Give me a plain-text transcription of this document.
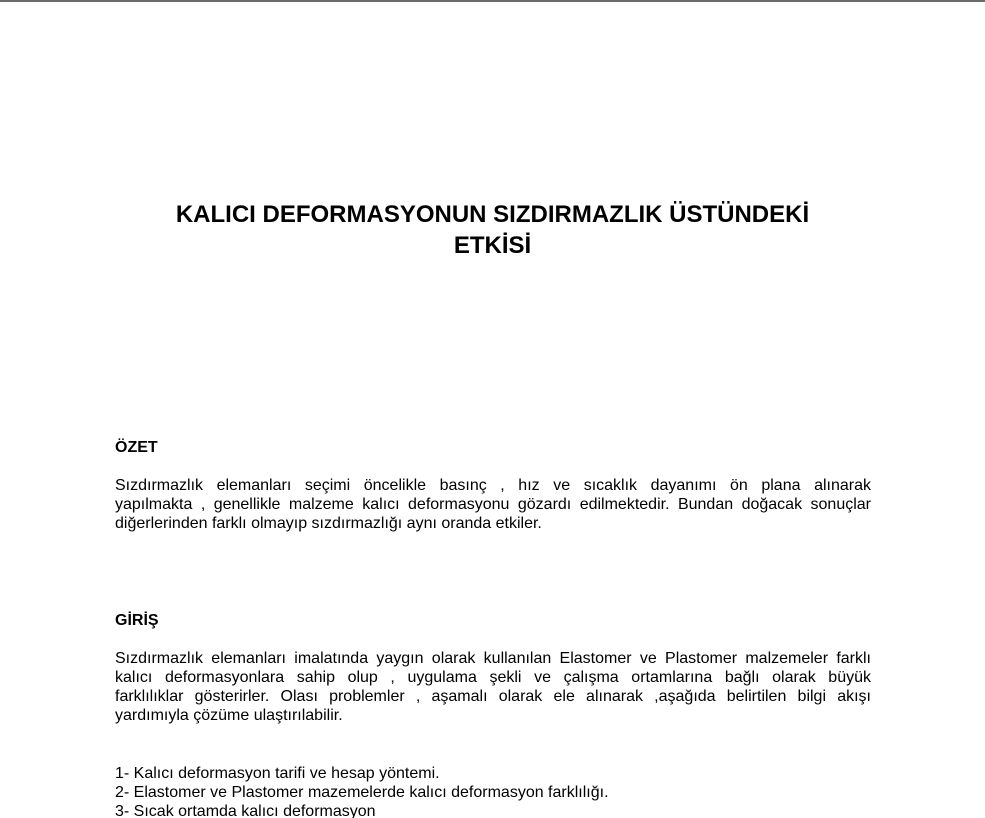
KALICI DEFORMASYONUN SIZDIRMAZLIK ÜSTÜNDEKİ
ETKİSİ
ÖZET
Sızdırmazlık elemanları seçimi öncelikle basınç , hız ve sıcaklık dayanımı ön plana alınarak
yapılmakta , genellikle malzeme kalıcı deformasyonu gözardı edilmektedir. Bundan doğacak sonuçlar
diğerlerinden farklı olmayıp sızdırmazlığı aynı oranda etkiler.
GİRİŞ
Sızdırmazlık elemanları imalatında yaygın olarak kullanılan Elastomer ve Plastomer malzemeler farklı
kalıcı deformasyonlara sahip olup , uygulama şekli ve çalışma ortamlarına bağlı olarak büyük
farklılıklar gösterirler. Olası problemler , aşamalı olarak ele alınarak ,aşağıda belirtilen bilgi akışı
yardımıyla çözüme ulaştırılabilir.
1- Kalıcı deformasyon tarifi ve hesap yöntemi.
2- Elastomer ve Plastomer mazemelerde kalıcı deformasyon farklılığı.
3- Sıcak ortamda kalıcı deformasyon
